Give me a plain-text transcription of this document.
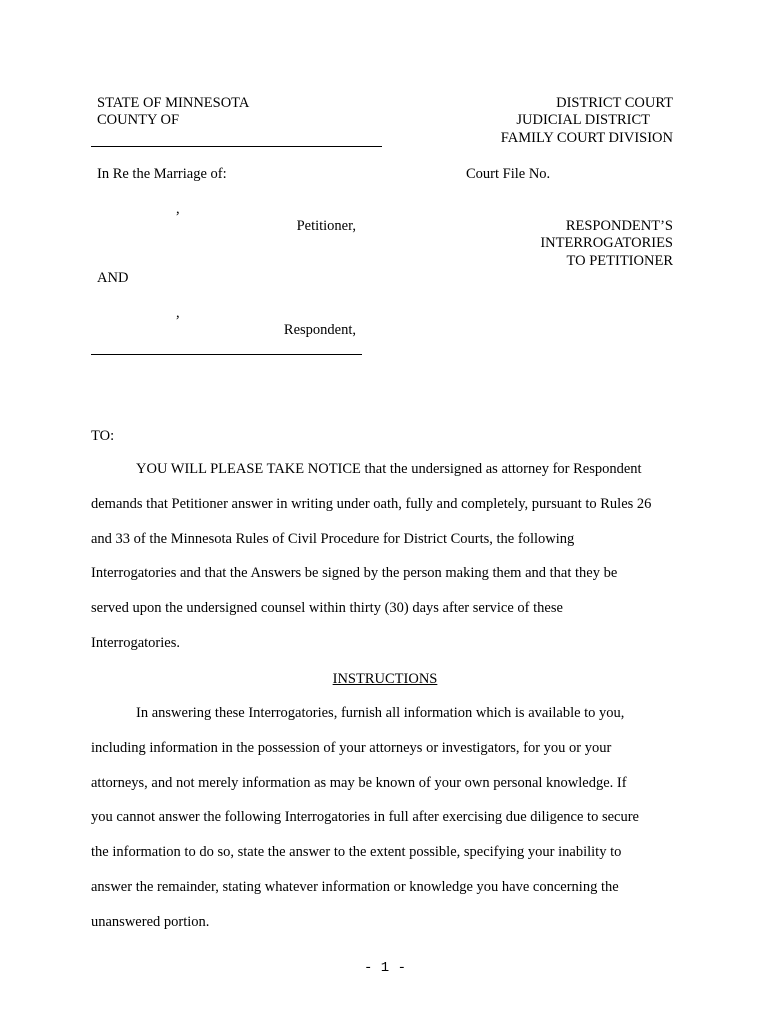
STATE OF MINNESOTA
COUNTY OF
DISTRICT COURT
JUDICIAL DISTRICT
FAMILY COURT DIVISION
In Re the Marriage of:	Court File No.
,
Petitioner,	RESPONDENT’S
INTERROGATORIES
TO PETITIONER
AND
,
Respondent,
TO:
YOU WILL PLEASE TAKE NOTICE that the undersigned as attorney for Respondent
demands that Petitioner answer in writing under oath, fully and completely, pursuant to Rules 26
and 33 of the Minnesota Rules of Civil Procedure for District Courts, the following
Interrogatories and that the Answers be signed by the person making them and that they be
served upon the undersigned counsel within thirty (30) days after service of these
Interrogatories.
INSTRUCTIONS
In answering these Interrogatories, furnish all information which is available to you,
including information in the possession of your attorneys or investigators, for you or your
attorneys, and not merely information as may be known of your own personal knowledge. If
you cannot answer the following Interrogatories in full after exercising due diligence to secure
the information to do so, state the answer to the extent possible, specifying your inability to
answer the remainder, stating whatever information or knowledge you have concerning the
unanswered portion.
- 1 -
